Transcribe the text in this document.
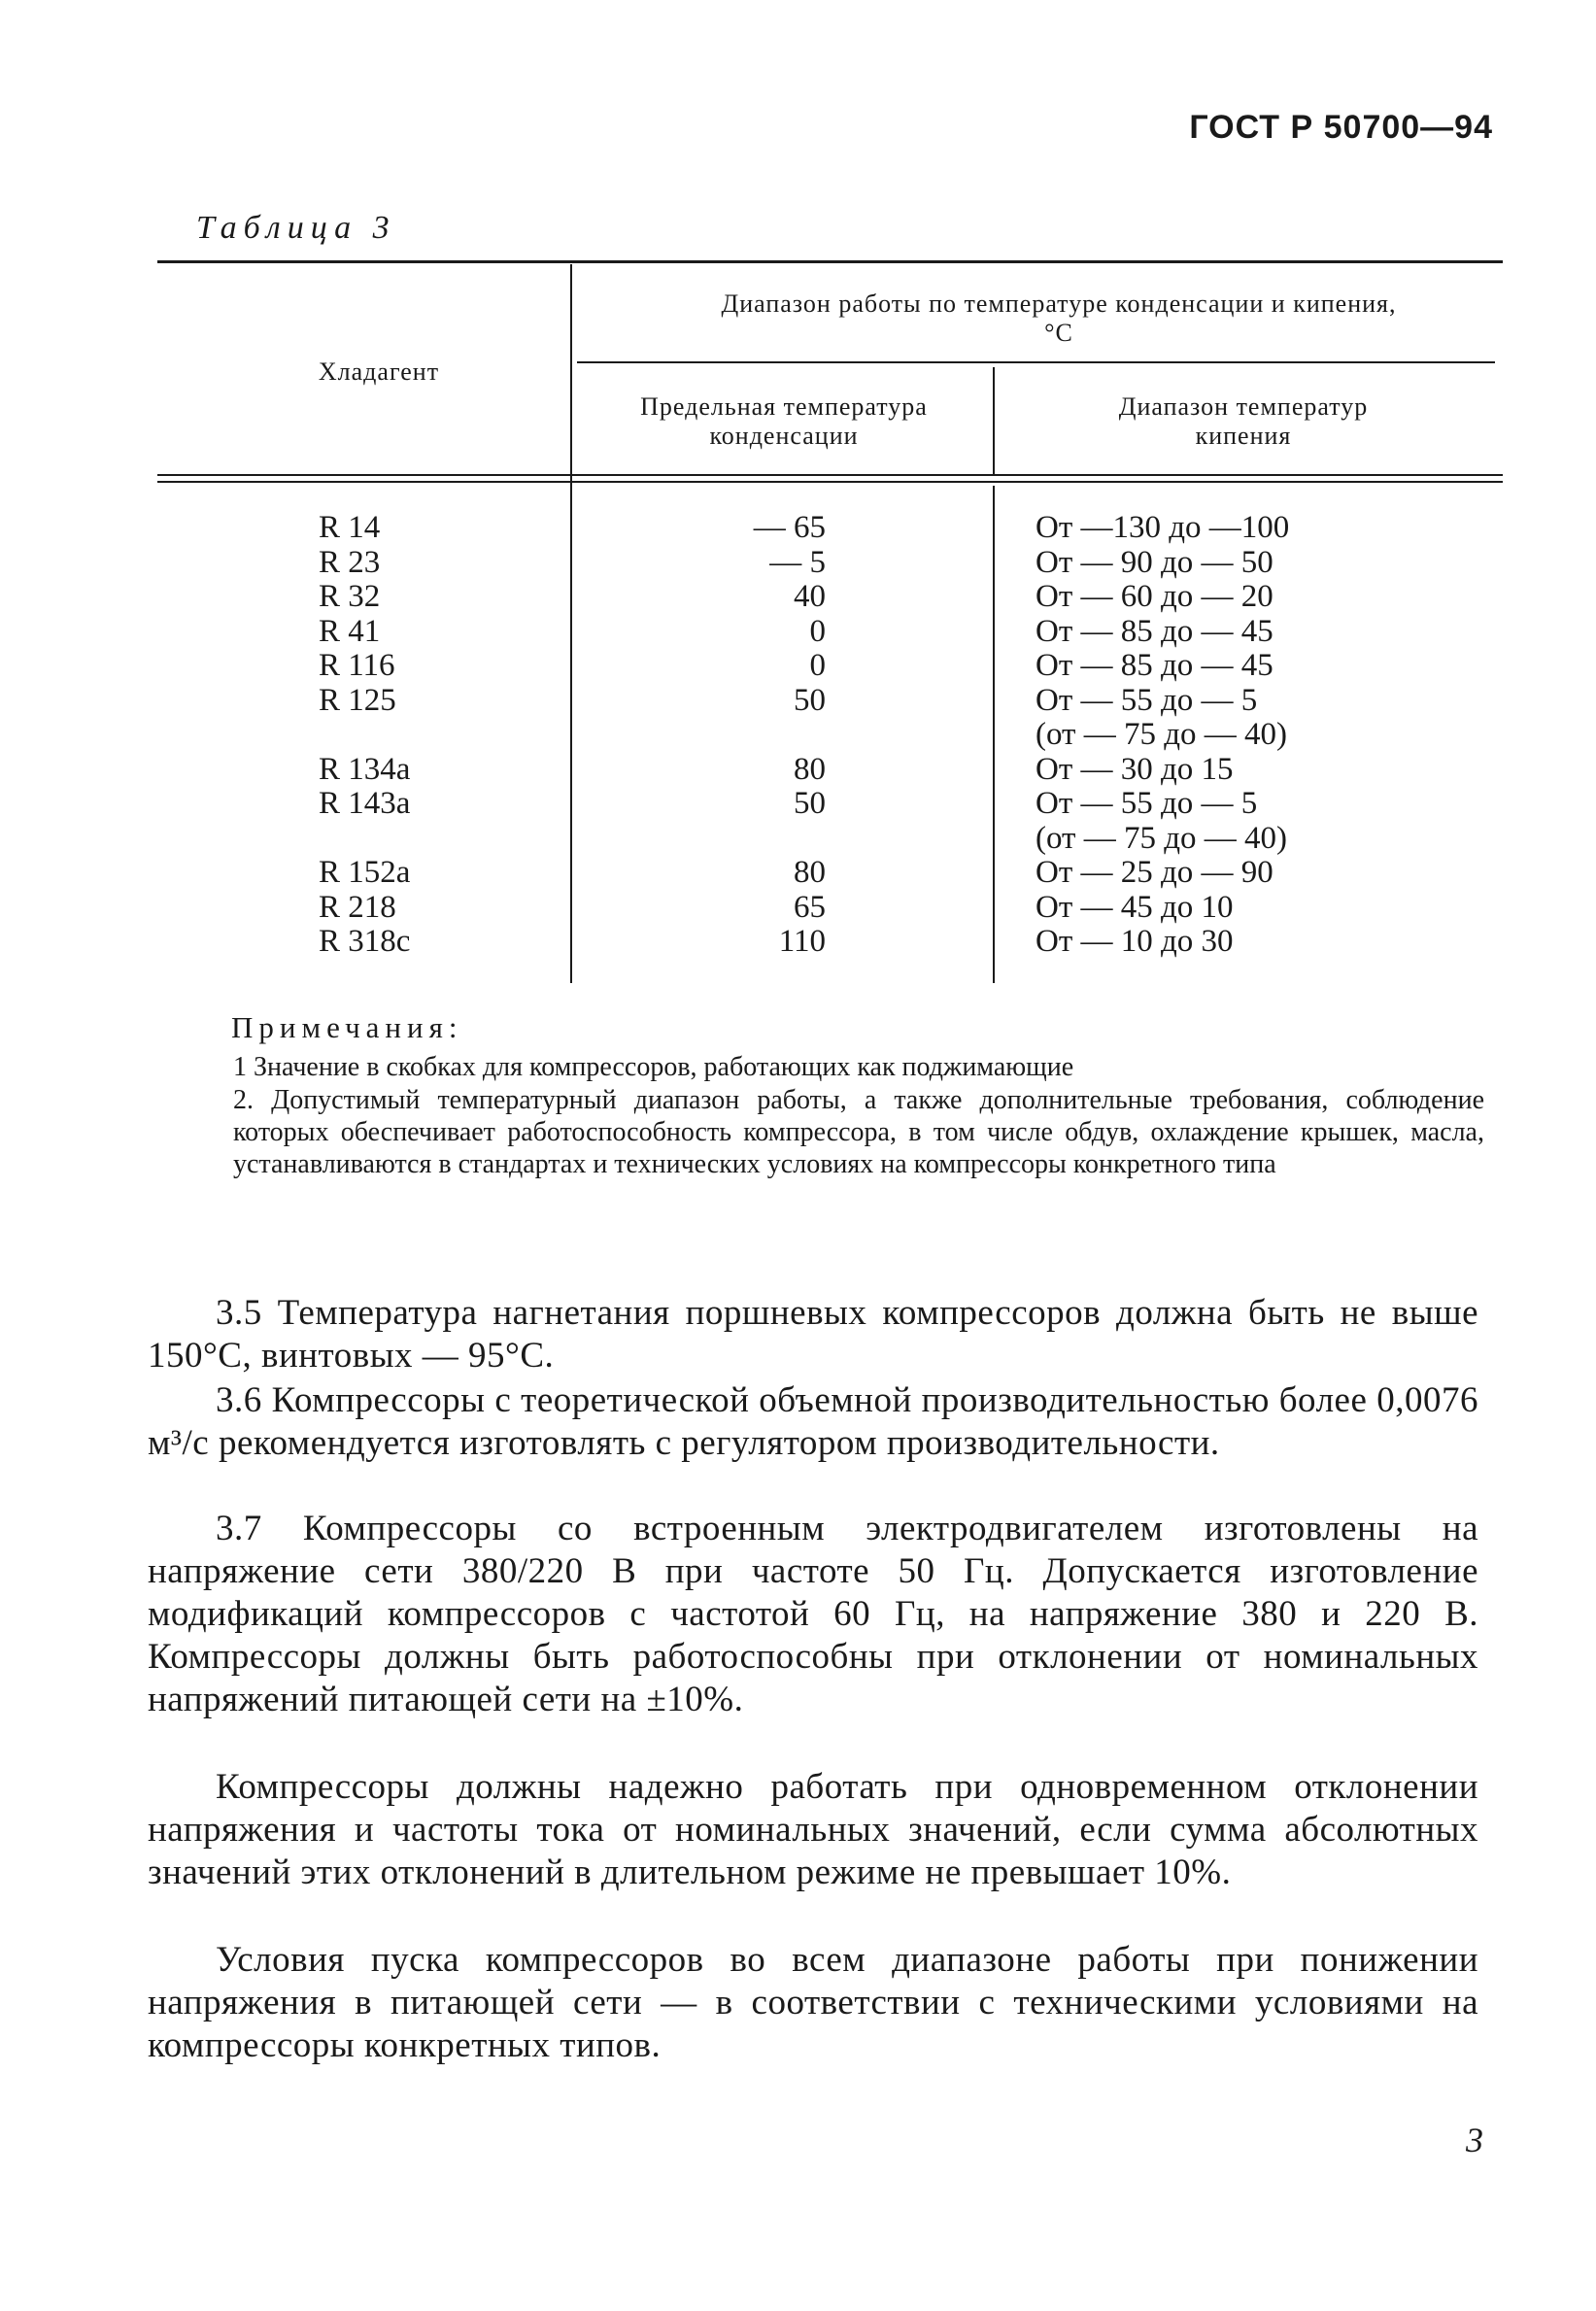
ГОСТ Р 50700—94
Таблица 3
Хладагент
Диапазон работы по температуре конденсации и кипения, °С
Предельная температура конденсации
Диапазон температур кипения
R 14
R 23
R 32
R 41
R 116
R 125

R 134a
R 143a

R 152a
R 218
R 318c
— 65
— 5
40
0
0
50

80
50

80
65
110
От —130 до —100
От — 90 до — 50
От — 60 до — 20
От — 85 до — 45
От — 85 до — 45
От — 55 до — 5
(от — 75 до — 40)
От — 30 до 15
От — 55 до — 5
(от — 75 до — 40)
От — 25 до — 90
От — 45 до 10
От — 10 до 30
Примечания:
1 Значение в скобках для компрессоров, работающих как поджимающие
2. Допустимый температурный диапазон работы, а также дополнительные требования, соблюдение которых обеспечивает работоспособность компрессора, в том числе обдув, охлаждение крышек, масла, устанавливаются в стандартах и технических условиях на компрессоры конкретного типа
3.5 Температура нагнетания поршневых компрессоров должна быть не выше 150°С, винтовых — 95°С.
3.6 Компрессоры с теоретической объемной производительностью более 0,0076 м³/с рекомендуется изготовлять с регулятором производительности.
3.7 Компрессоры со встроенным электродвигателем изготовлены на напряжение сети 380/220 В при частоте 50 Гц. Допускается изготовление модификаций компрессоров с частотой 60 Гц, на напряжение 380 и 220 В. Компрессоры должны быть работоспособны при отклонении от номинальных напряжений питающей сети на ±10%.
Компрессоры должны надежно работать при одновременном отклонении напряжения и частоты тока от номинальных значений, если сумма абсолютных значений этих отклонений в длительном режиме не превышает 10%.
Условия пуска компрессоров во всем диапазоне работы при понижении напряжения в питающей сети — в соответствии с техническими условиями на компрессоры конкретных типов.
3
